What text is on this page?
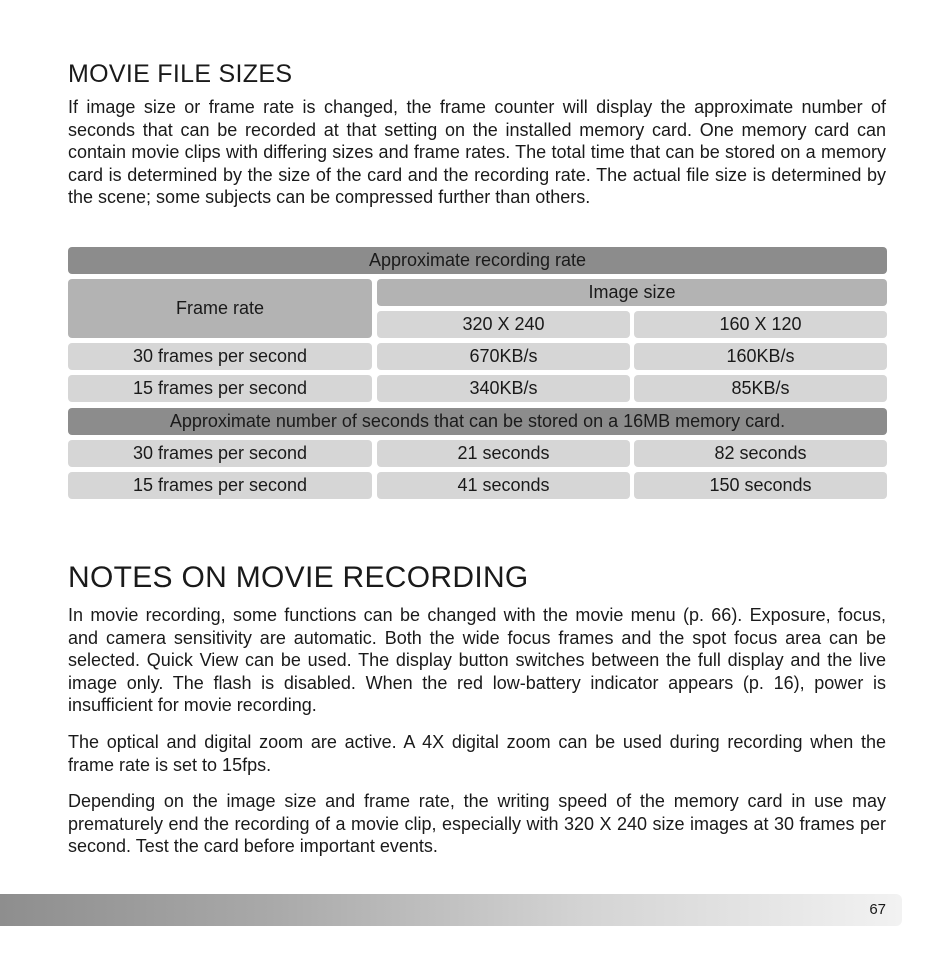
MOVIE FILE SIZES

If image size or frame rate is changed, the frame counter will display the approximate number of seconds that can be recorded at that setting on the installed memory card. One memory card can contain movie clips with differing sizes and frame rates. The total time that can be stored on a memory card is determined by the size of the card and the recording rate. The actual file size is determined by the scene; some subjects can be compressed further than others.

Approximate recording rate
Frame rate
Image size
320 X 240	160 X 120
30 frames per second	670KB/s	160KB/s
15 frames per second	340KB/s	85KB/s
Approximate number of seconds that can be stored on a 16MB memory card.
30 frames per second	21 seconds	82 seconds
15 frames per second	41 seconds	150 seconds
NOTES ON MOVIE RECORDING

In movie recording, some functions can be changed with the movie menu (p. 66). Exposure, focus, and camera sensitivity are automatic. Both the wide focus frames and the spot focus area can be selected. Quick View can be used. The display button switches between the full display and the live image only. The flash is disabled. When the red low-battery indicator appears (p. 16), power is insufficient for movie recording.

The optical and digital zoom are active. A 4X digital zoom can be used during recording when the frame rate is set to 15fps.

Depending on the image size and frame rate, the writing speed of the memory card in use may prematurely end the recording of a movie clip, especially with 320 X 240 size images at 30 frames per second. Test the card before important events.

67
